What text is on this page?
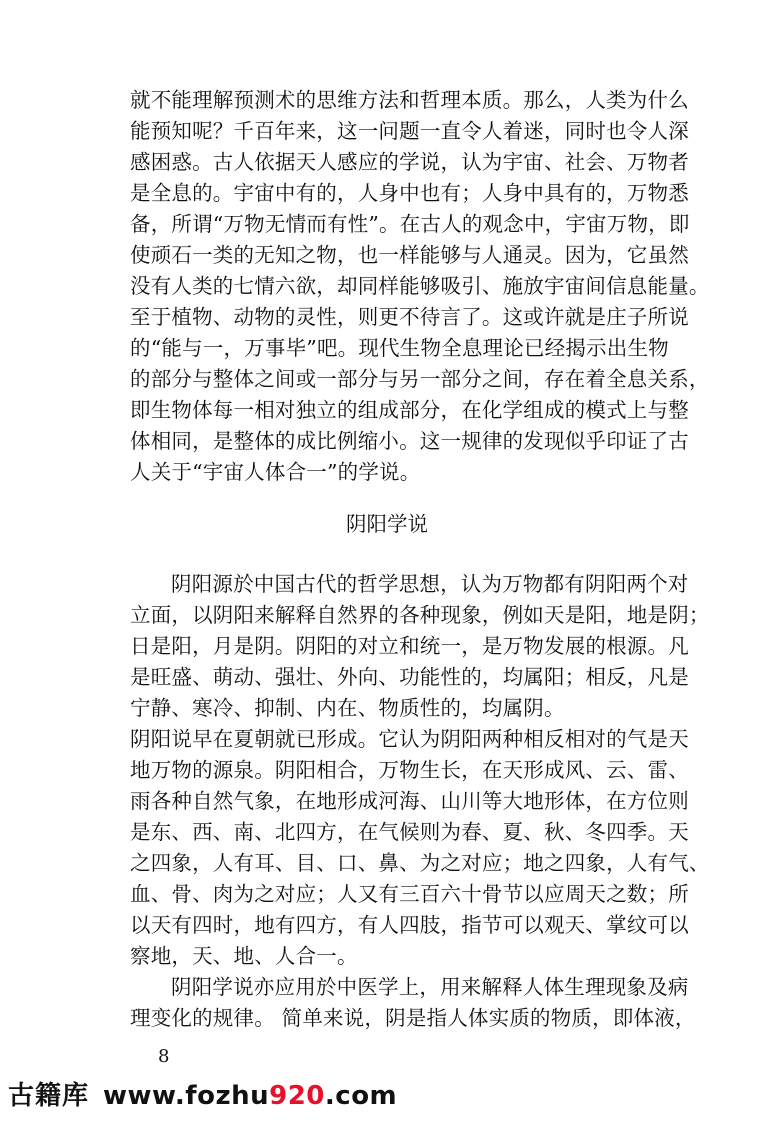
就不能理解预测术的思维方法和哲理本质。那么，人类为什么
能预知呢？千百年来，这一问题一直令人着迷，同时也令人深
感困惑。古人依据天人感应的学说，认为宇宙、社会、万物者
是全息的。宇宙中有的，人身中也有；人身中具有的，万物悉
备，所谓“万物无情而有性”。在古人的观念中，宇宙万物，即
使顽石一类的无知之物，也一样能够与人通灵。因为，它虽然
没有人类的七情六欲，却同样能够吸引、施放宇宙间信息能量。
至于植物、动物的灵性，则更不待言了。这或许就是庄子所说
的“能与一，万事毕”吧。现代生物全息理论已经揭示出生物
的部分与整体之间或一部分与另一部分之间，存在着全息关系，
即生物体每一相对独立的组成部分，在化学组成的模式上与整
体相同，是整体的成比例缩小。这一规律的发现似乎印证了古
人关于“宇宙人体合一”的学说。
阴阳学说
阴阳源於中国古代的哲学思想，认为万物都有阴阳两个对
立面，以阴阳来解释自然界的各种现象，例如天是阳，地是阴；
日是阳，月是阴。阴阳的对立和统一，是万物发展的根源。凡
是旺盛、萌动、强壮、外向、功能性的，均属阳；相反，凡是
宁静、寒冷、抑制、内在、物质性的，均属阴。
阴阳说早在夏朝就已形成。它认为阴阳两种相反相对的气是天
地万物的源泉。阴阳相合，万物生长，在天形成风、云、雷、
雨各种自然气象，在地形成河海、山川等大地形体，在方位则
是东、西、南、北四方，在气候则为春、夏、秋、冬四季。天
之四象，人有耳、目、口、鼻、为之对应；地之四象，人有气、
血、骨、肉为之对应；人又有三百六十骨节以应周天之数；所
以天有四时，地有四方，有人四肢，指节可以观天、掌纹可以
察地，天、地、人合一。
阴阳学说亦应用於中医学上，用来解释人体生理现象及病
理变化的规律。 简单来说，阴是指人体实质的物质，即体液，
8
古籍库 www.fozhu920.com
